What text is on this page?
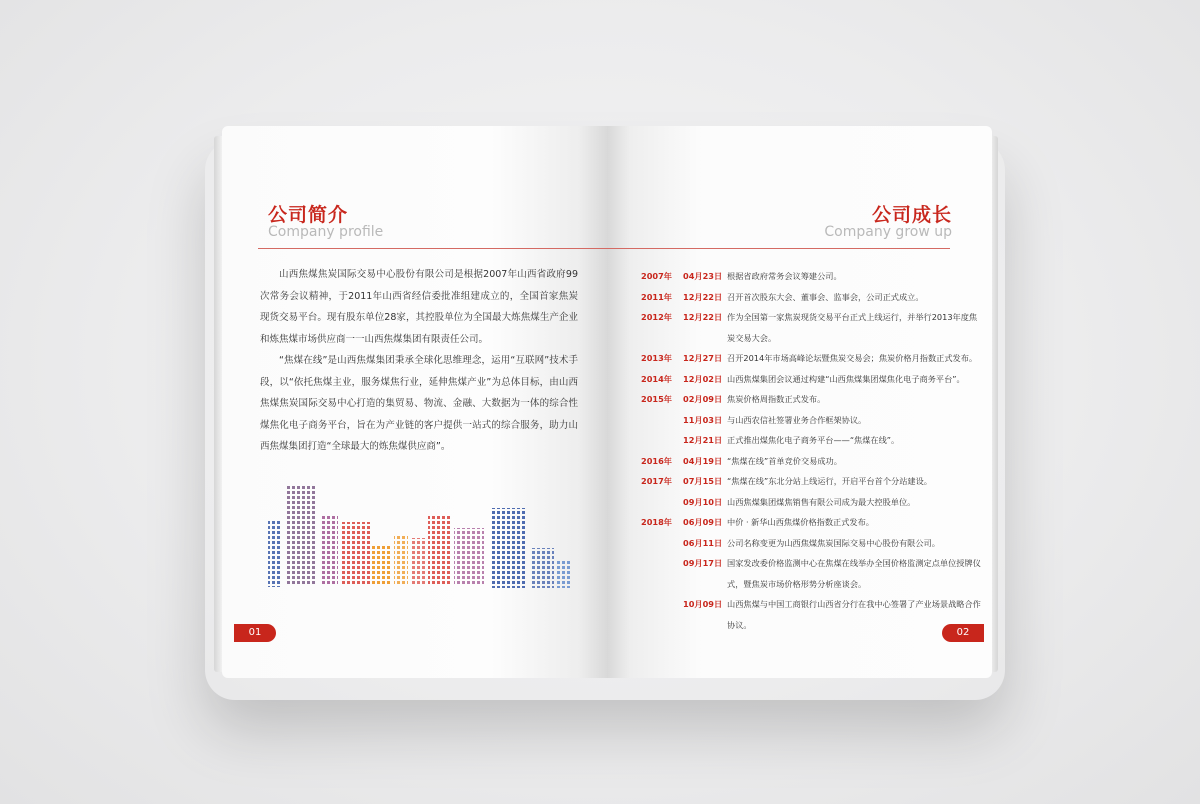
公司简介
Company profile

山西焦煤焦炭国际交易中心股份有限公司是根据2007年山西省政府99次常务会议精神，于2011年山西省经信委批准组建成立的，全国首家焦炭现货交易平台。现有股东单位28家，其控股单位为全国最大炼焦煤生产企业和炼焦煤市场供应商一一山西焦煤集团有限责任公司。

“焦煤在线”是山西焦煤集团秉承全球化思维理念，运用“互联网”技术手段，以“依托焦煤主业，服务煤焦行业，延伸焦煤产业”为总体目标，由山西焦煤焦炭国际交易中心打造的集贸易、物流、金融、大数据为一体的综合性煤焦化电子商务平台，旨在为产业链的客户提供一站式的综合服务，助力山西焦煤集团打造“全球最大的炼焦煤供应商”。

01
公司成长
Company grow up
2007年	04月23日 根据省政府常务会议筹建公司。
2011年	12月22日 召开首次股东大会、董事会、监事会，公司正式成立。
2012年	12月22日 作为全国第一家焦炭现货交易平台正式上线运行，并举行2013年度焦炭交易大会。
2013年	12月27日 召开2014年市场高峰论坛暨焦炭交易会；焦炭价格月指数正式发布。
2014年	12月02日 山西焦煤集团会议通过构建“山西焦煤集团煤焦化电子商务平台”。
2015年	02月09日 焦炭价格周指数正式发布。
11月03日 与山西农信社签署业务合作框架协议。
12月21日 正式推出煤焦化电子商务平台——“焦煤在线”。
2016年	04月19日 “焦煤在线”首单竞价交易成功。
2017年	07月15日 “焦煤在线”东北分站上线运行，开启平台首个分站建设。
09月10日 山西焦煤集团煤焦销售有限公司成为最大控股单位。
2018年	06月09日 中价 · 新华山西焦煤价格指数正式发布。
06月11日 公司名称变更为山西焦煤焦炭国际交易中心股份有限公司。
09月17日 国家发改委价格监测中心在焦煤在线举办全国价格监测定点单位授牌仪式，暨焦炭市场价格形势分析座谈会。
10月09日 山西焦煤与中国工商银行山西省分行在我中心签署了产业场景战略合作协议。
02
